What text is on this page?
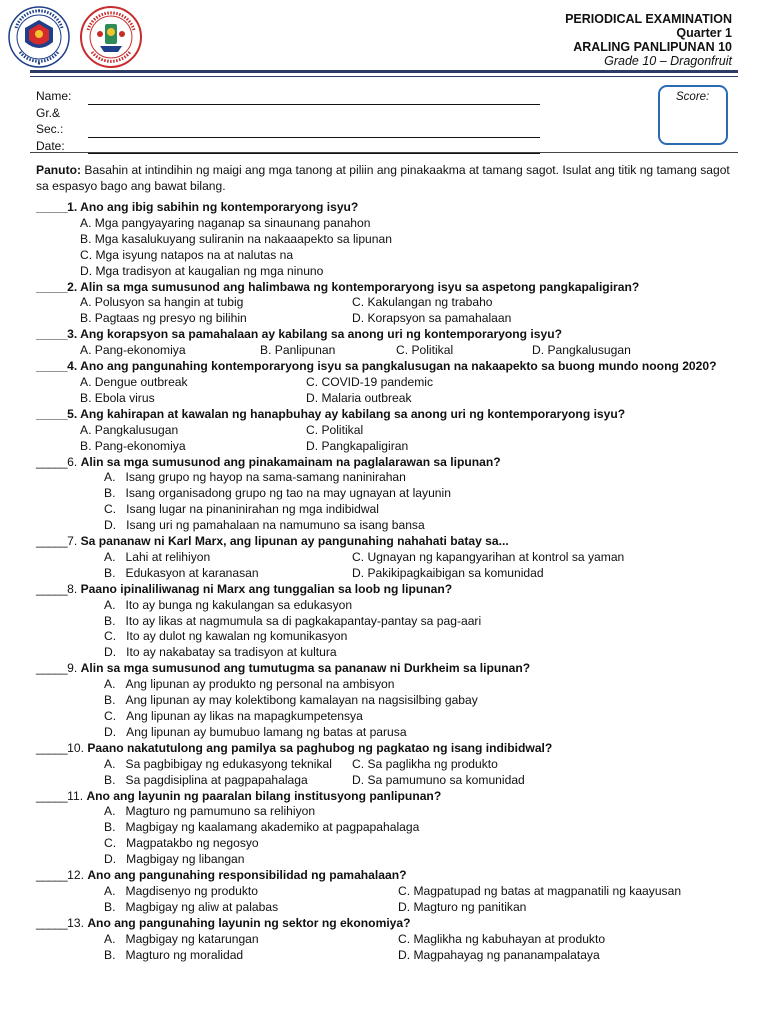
PERIODICAL EXAMINATION
Quarter 1
ARALING PANLIPUNAN 10
Grade 10 – Dragonfruit
Name:
Gr.& Sec.:
Date:
Score:
Panuto: Basahin at intindihin ng maigi ang mga tanong at piliin ang pinakaakma at tamang sagot. Isulat ang titik ng tamang sagot sa espasyo bago ang bawat bilang.
_____1. Ano ang ibig sabihin ng kontemporaryong isyu?
A. Mga pangyayaring naganap sa sinaunang panahon
B. Mga kasalukuyang suliranin na nakaaapekto sa lipunan
C. Mga isyung natapos na at nalutas na
D. Mga tradisyon at kaugalian ng mga ninuno
_____2. Alin sa mga sumusunod ang halimbawa ng kontemporaryong isyu sa aspetong pangkapaligiran?
A. Polusyon sa hangin at tubig	C. Kakulangan ng trabaho
B. Pagtaas ng presyo ng bilihin	D. Korapsyon sa pamahalaan
_____3. Ang korapsyon sa pamahalaan ay kabilang sa anong uri ng kontemporaryong isyu?
A. Pang-ekonomiya	B. Panlipunan	C. Politikal	D. Pangkalusugan
_____4. Ano ang pangunahing kontemporaryong isyu sa pangkalusugan na nakaapekto sa buong mundo noong 2020?
A. Dengue outbreak	C. COVID-19 pandemic
B. Ebola virus	D. Malaria outbreak
_____5. Ang kahirapan at kawalan ng hanapbuhay ay kabilang sa anong uri ng kontemporaryong isyu?
A. Pangkalusugan	C. Politikal
B. Pang-ekonomiya	D. Pangkapaligiran
_____6. Alin sa mga sumusunod ang pinakamainam na paglalarawan sa lipunan?
A.   Isang grupo ng hayop na sama-samang naninirahan
B.   Isang organisadong grupo ng tao na may ugnayan at layunin
C.   Isang lugar na pinaninirahan ng mga indibidwal
D.   Isang uri ng pamahalaan na namumuno sa isang bansa
_____7. Sa pananaw ni Karl Marx, ang lipunan ay pangunahing nahahati batay sa...
A.   Lahi at relihiyon	C. Ugnayan ng kapangyarihan at kontrol sa yaman
B.   Edukasyon at karanasan	D. Pakikipagkaibigan sa komunidad
_____8. Paano ipinaliliwanag ni Marx ang tunggalian sa loob ng lipunan?
A.   Ito ay bunga ng kakulangan sa edukasyon
B.   Ito ay likas at nagmumula sa di pagkakapantay-pantay sa pag-aari
C.   Ito ay dulot ng kawalan ng komunikasyon
D.   Ito ay nakabatay sa tradisyon at kultura
_____9. Alin sa mga sumusunod ang tumutugma sa pananaw ni Durkheim sa lipunan?
A.   Ang lipunan ay produkto ng personal na ambisyon
B.   Ang lipunan ay may kolektibong kamalayan na nagsisilbing gabay
C.   Ang lipunan ay likas na mapagkumpetensya
D.   Ang lipunan ay bumubuo lamang ng batas at parusa
_____10. Paano nakatutulong ang pamilya sa paghubog ng pagkatao ng isang indibidwal?
A.   Sa pagbibigay ng edukasyong teknikal	C. Sa paglikha ng produkto
B.   Sa pagdisiplina at pagpapahalaga	D. Sa pamumuno sa komunidad
_____11. Ano ang layunin ng paaralan bilang institusyong panlipunan?
A.   Magturo ng pamumuno sa relihiyon
B.   Magbigay ng kaalamang akademiko at pagpapahalaga
C.   Magpatakbo ng negosyo
D.   Magbigay ng libangan
_____12. Ano ang pangunahing responsibilidad ng pamahalaan?
A.   Magdisenyo ng produkto	C. Magpatupad ng batas at magpanatili ng kaayusan
B.   Magbigay ng aliw at palabas	D. Magturo ng panitikan
_____13. Ano ang pangunahing layunin ng sektor ng ekonomiya?
A.   Magbigay ng katarungan	C. Maglikha ng kabuhayan at produkto
B.   Magturo ng moralidad	D. Magpahayag ng pananampalataya
